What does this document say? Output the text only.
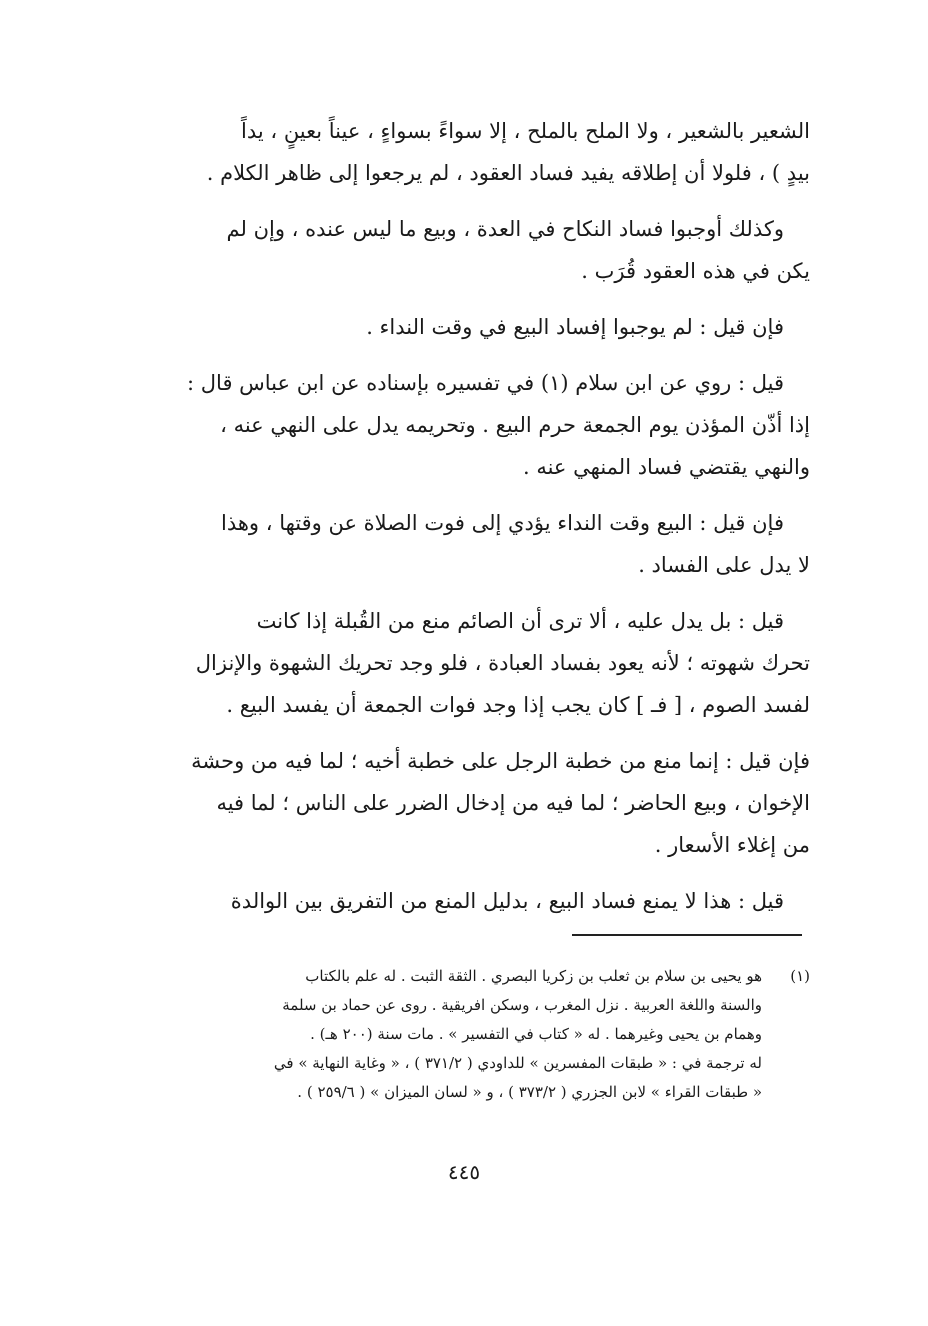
الشعير بالشعير ، ولا الملح بالملح ، إلا سواءً بسواءٍ ، عيناً بعينٍ ، يداً
بيدٍ ) ، فلولا أن إطلاقه يفيد فساد العقود ، لم يرجعوا إلى ظاهر الكلام .

وكذلك أوجبوا فساد النكاح في العدة ، وبيع ما ليس عنده ، وإن لم
يكن في هذه العقود قُرَب .

فإن قيل : لم يوجبوا إفساد البيع في وقت النداء .

قيل : روي عن ابن سلام (١) في تفسيره بإسناده عن ابن عباس قال :
إذا أذّن المؤذن يوم الجمعة حرم البيع . وتحريمه يدل على النهي عنه ،
والنهي يقتضي فساد المنهي عنه .

فإن قيل : البيع وقت النداء يؤدي إلى فوت الصلاة عن وقتها ، وهذا
لا يدل على الفساد .

قيل : بل يدل عليه ، ألا ترى أن الصائم منع من القُبلة إذا كانت
تحرك شهوته ؛ لأنه يعود بفساد العبادة ، فلو وجد تحريك الشهوة والإنزال
لفسد الصوم ، [ فـ ] كان يجب إذا وجد فوات الجمعة أن يفسد البيع .

فإن قيل : إنما منع من خطبة الرجل على خطبة أخيه ؛ لما فيه من وحشة
الإخوان ، وبيع الحاضر ؛ لما فيه من إدخال الضرر على الناس ؛ لما فيه
من إغلاء الأسعار .

قيل : هذا لا يمنع فساد البيع ، بدليل المنع من التفريق بين الوالدة

(١)
هو يحيى بن سلام بن ثعلب بن زكريا البصري . الثقة الثبت . له علم بالكتاب
والسنة واللغة العربية . نزل المغرب ، وسكن افريقية . روى عن حماد بن سلمة
وهمام بن يحيى وغيرهما . له « كتاب في التفسير » . مات سنة (٢٠٠ هـ) .
له ترجمة في : « طبقات المفسرين » للداودي ( ٣٧١/٢ ) ، « وغاية النهاية » في
« طبقات القراء » لابن الجزري ( ٣٧٣/٢ ) ، و « لسان الميزان » ( ٢٥٩/٦ ) .
٤٤٥
